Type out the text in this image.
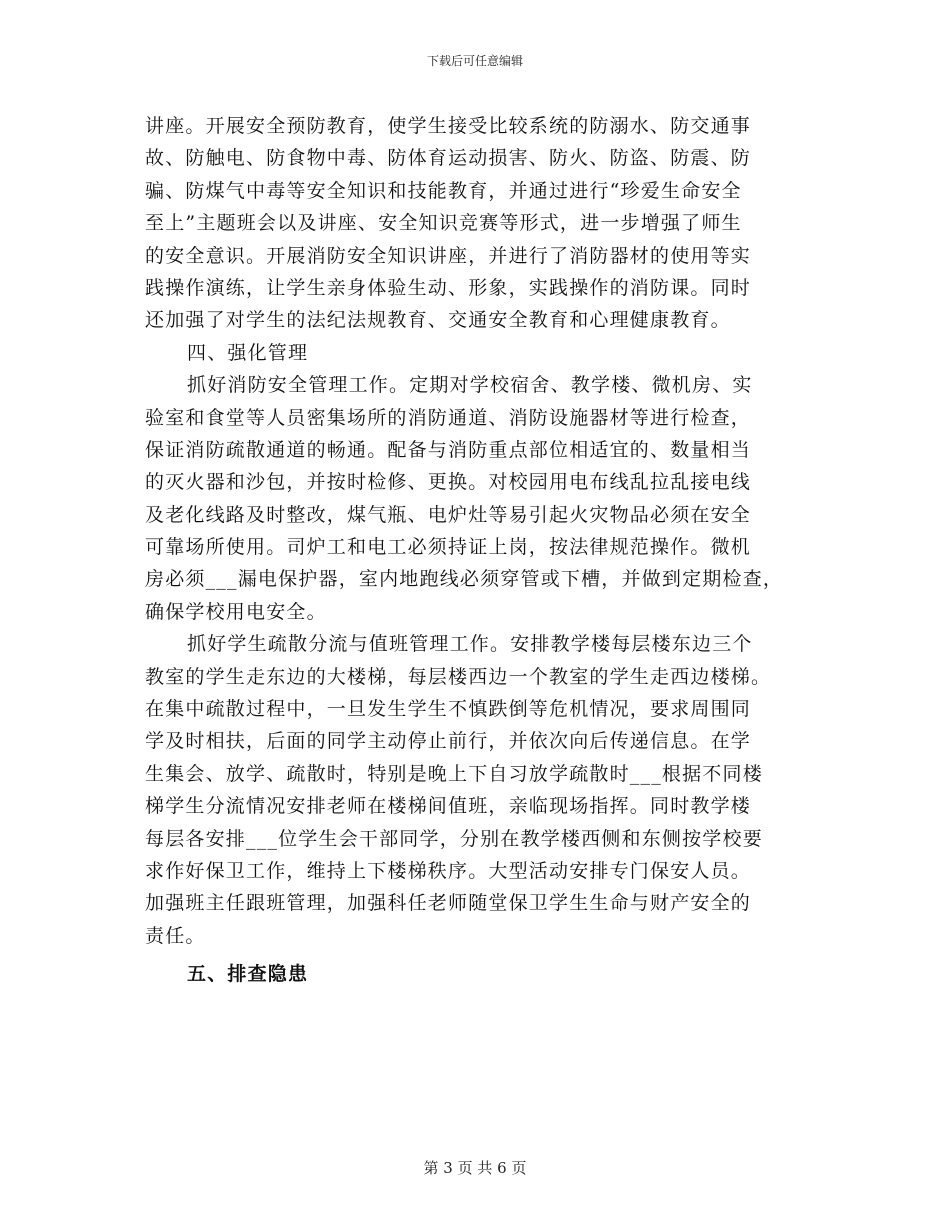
下载后可任意编辑
讲座。开展安全预防教育，使学生接受比较系统的防溺水、防交通事
故、防触电、防食物中毒、防体育运动损害、防火、防盗、防震、防
骗、防煤气中毒等安全知识和技能教育，并通过进行“珍爱生命安全
至上”主题班会以及讲座、安全知识竞赛等形式，进一步增强了师生
的安全意识。开展消防安全知识讲座，并进行了消防器材的使用等实
践操作演练，让学生亲身体验生动、形象，实践操作的消防课。同时
还加强了对学生的法纪法规教育、交通安全教育和心理健康教育。
四、强化管理
抓好消防安全管理工作。定期对学校宿舍、教学楼、微机房、实
验室和食堂等人员密集场所的消防通道、消防设施器材等进行检查，
保证消防疏散通道的畅通。配备与消防重点部位相适宜的、数量相当
的灭火器和沙包，并按时检修、更换。对校园用电布线乱拉乱接电线
及老化线路及时整改，煤气瓶、电炉灶等易引起火灾物品必须在安全
可靠场所使用。司炉工和电工必须持证上岗，按法律规范操作。微机
房必须___漏电保护器，室内地跑线必须穿管或下槽，并做到定期检查，
确保学校用电安全。
抓好学生疏散分流与值班管理工作。安排教学楼每层楼东边三个
教室的学生走东边的大楼梯，每层楼西边一个教室的学生走西边楼梯。
在集中疏散过程中，一旦发生学生不慎跌倒等危机情况，要求周围同
学及时相扶，后面的同学主动停止前行，并依次向后传递信息。在学
生集会、放学、疏散时，特别是晚上下自习放学疏散时___根据不同楼
梯学生分流情况安排老师在楼梯间值班，亲临现场指挥。同时教学楼
每层各安排___位学生会干部同学，分别在教学楼西侧和东侧按学校要
求作好保卫工作，维持上下楼梯秩序。大型活动安排专门保安人员。
加强班主任跟班管理，加强科任老师随堂保卫学生生命与财产安全的
责任。
五、排查隐患
第 3 页 共 6 页
